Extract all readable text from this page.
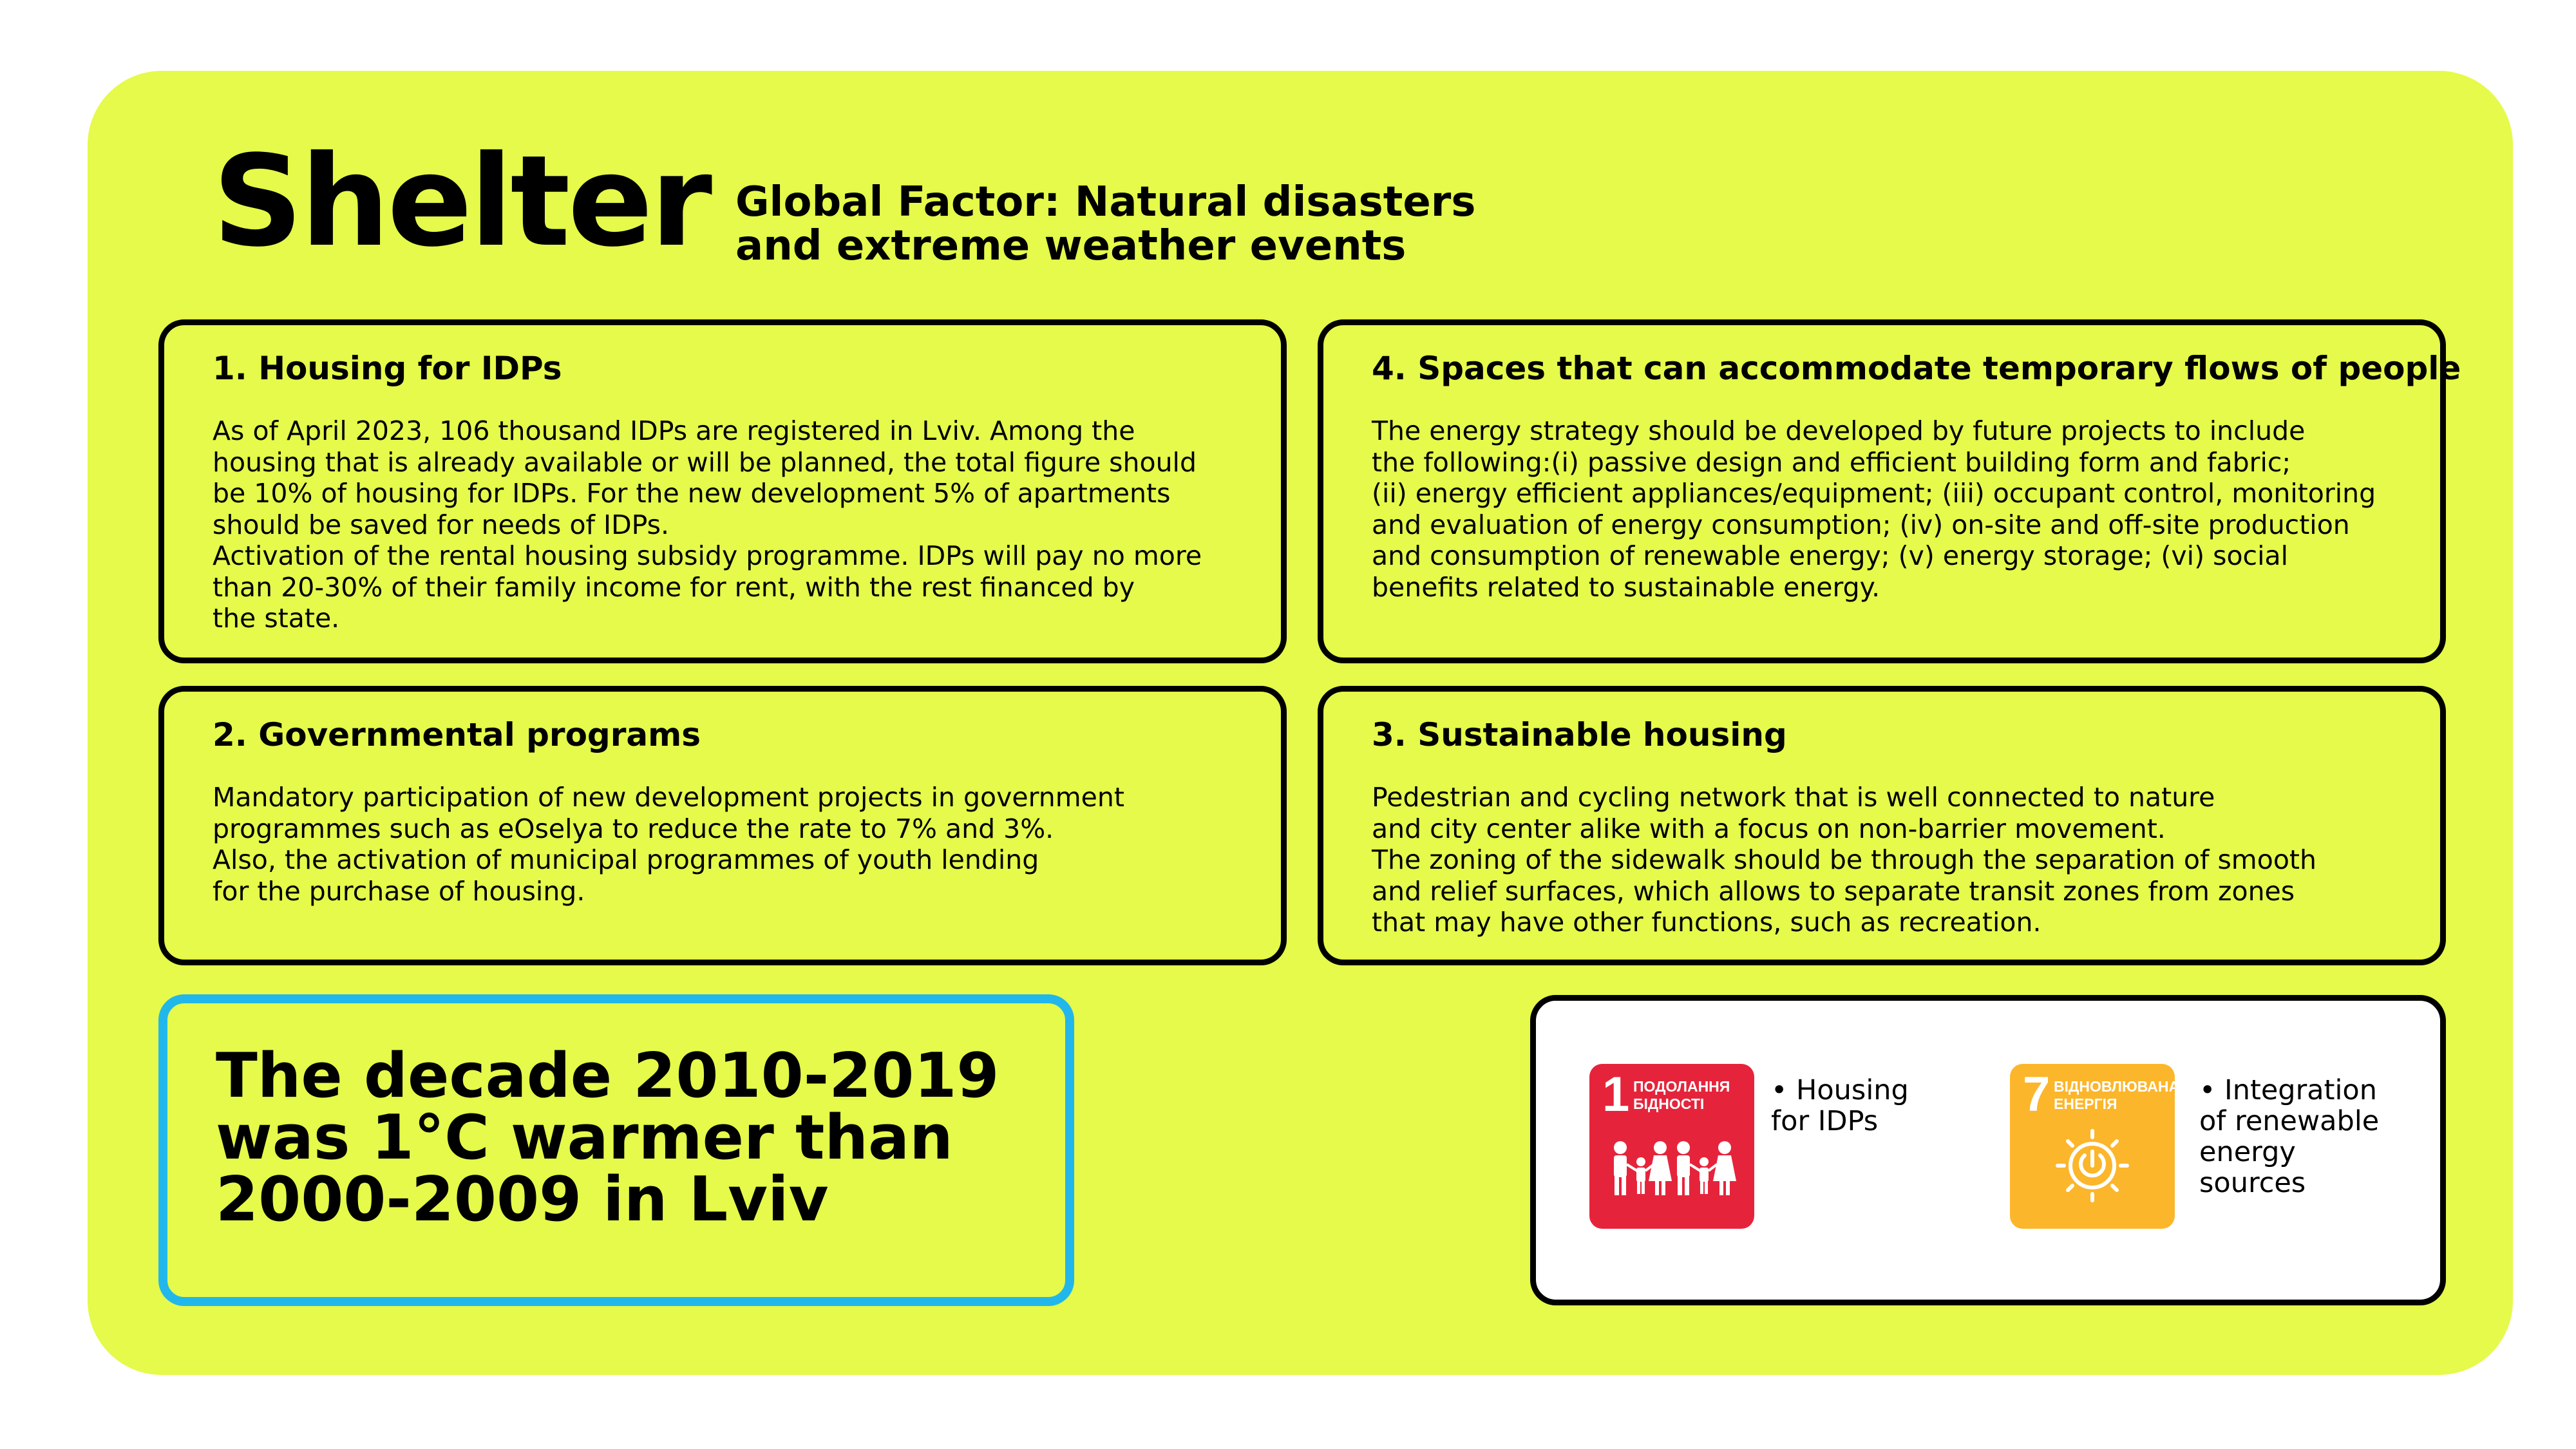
Shelter Global Factor: Natural disasters
and extreme weather events
1. Housing for IDPs
As of April 2023, 106 thousand IDPs are registered in Lviv. Among the
housing that is already available or will be planned, the total figure should
be 10% of housing for IDPs. For the new development 5% of apartments
should be saved for needs of IDPs.
Activation of the rental housing subsidy programme. IDPs will pay no more
than 20-30% of their family income for rent, with the rest financed by
the state.
4. Spaces that can accommodate temporary flows of people
The energy strategy should be developed by future projects to include
the following:(i) passive design and efficient building form and fabric;
(ii) energy efficient appliances/equipment; (iii) occupant control, monitoring
and evaluation of energy consumption; (iv) on-site and off-site production
and consumption of renewable energy; (v) energy storage; (vi) social
benefits related to sustainable energy.
2. Governmental programs
Mandatory participation of new development projects in government
programmes such as eOselya to reduce the rate to 7% and 3%.
Also, the activation of municipal programmes of youth lending
for the purchase of housing.
3. Sustainable housing
Pedestrian and cycling network that is well connected to nature
and city center alike with a focus on non-barrier movement.
The zoning of the sidewalk should be through the separation of smooth
and relief surfaces, which allows to separate transit zones from zones
that may have other functions, such as recreation.
The decade 2010-2019
was 1°C warmer than
2000-2009 in Lviv
1 ПОДОЛАННЯ
БІДНОСТІ	• Housing
for IDPs	7 ВІДНОВЛЮВАНА
ЕНЕРГІЯ	• Integration
of renewable
energy
sources
